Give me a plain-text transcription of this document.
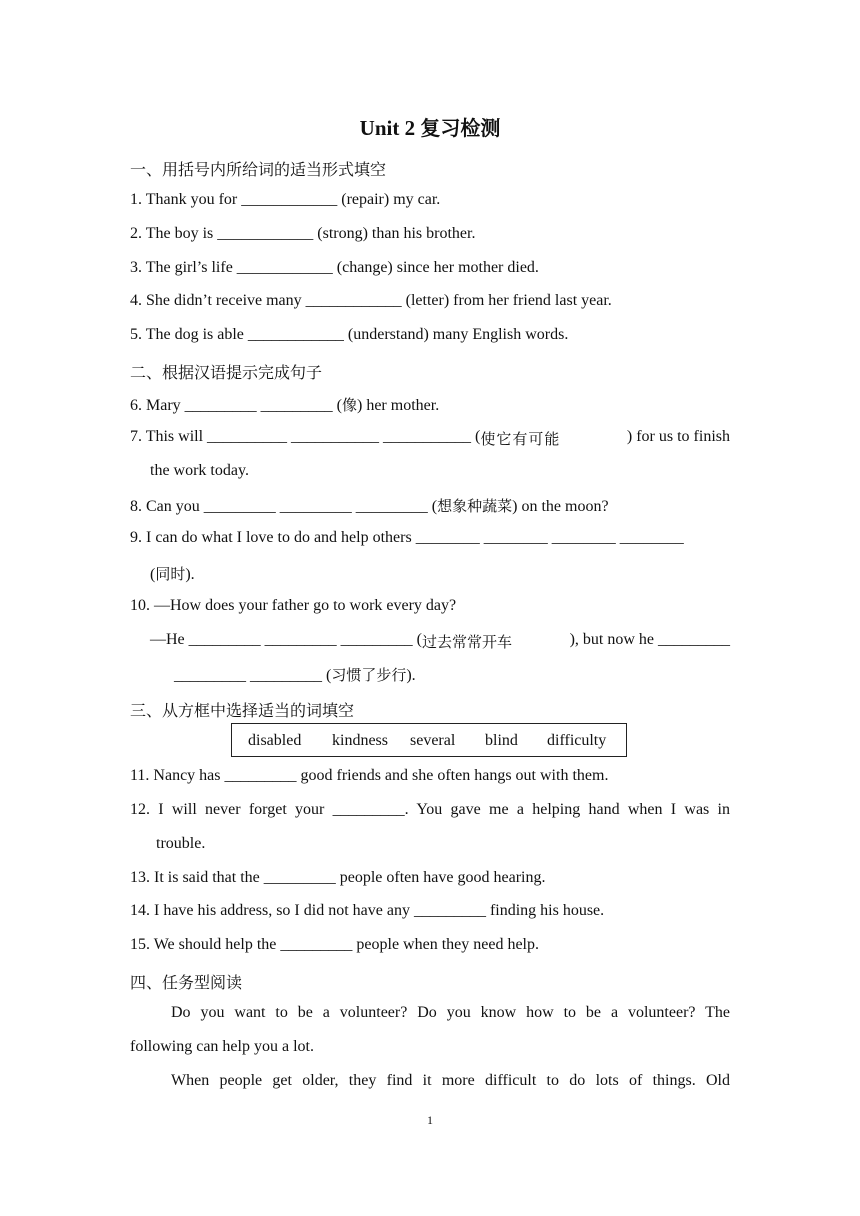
Unit 2 复习检测
一、用括号内所给词的适当形式填空
1. Thank you for ____________ (repair) my car.
2. The boy is ____________ (strong) than his brother.
3. The girl’s life ____________ (change) since her mother died.
4. She didn’t receive many ____________ (letter) from her friend last year.
5. The dog is able ____________ (understand) many English words.
二、根据汉语提示完成句子
6. Mary _________ _________ (像) her mother.
7. This will __________ ___________ ___________ ( 使它有可能	) for us to finish
the work today.
8. Can you _________ _________ _________ (想象种蔬菜) on the moon?
9. I can do what I love to do and help others ________ ________ ________ ________
(同时).
10. —How does your father go to work every day?
—He _________ _________ _________ ( 过去常常开车	), but now he _________
_________ _________ (习惯了步行).
三、从方框中选择适当的词填空
disabled kindness several blind difficulty
11. Nancy has _________ good friends and she often hangs out with them.
12. I will never forget your _________. You gave me a helping hand when I was in
trouble.
13. It is said that the _________ people often have good hearing.
14. I have his address, so I did not have any _________ finding his house.
15. We should help the _________ people when they need help.
四、任务型阅读
Do you want to be a volunteer? Do you know how to be a volunteer? The
following can help you a lot.
When people get older, they find it more difficult to do lots of things. Old
1
